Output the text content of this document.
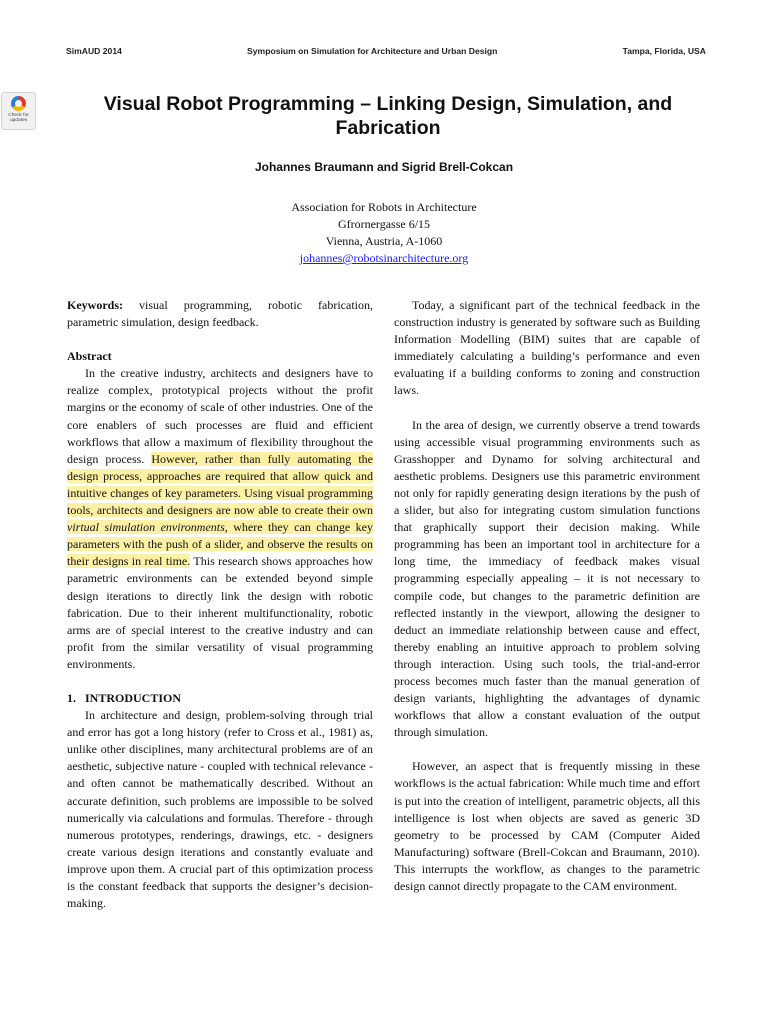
SimAUD 2014	Symposium on Simulation for Architecture and Urban Design	Tampa, Florida, USA
Check for updates
Visual Robot Programming – Linking Design, Simulation, and Fabrication
Johannes Braumann and Sigrid Brell-Cokcan
Association for Robots in Architecture
Gfrornergasse 6/15
Vienna, Austria, A-1060
johannes@robotsinarchitecture.org

Keywords: visual programming, robotic fabrication, parametric simulation, design feedback.

Abstract

In the creative industry, architects and designers have to realize complex, prototypical projects without the profit margins or the economy of scale of other industries. One of the core enablers of such processes are fluid and efficient workflows that allow a maximum of flexibility throughout the design process. However, rather than fully automating the design process, approaches are required that allow quick and intuitive changes of key parameters. Using visual programming tools, architects and designers are now able to create their own virtual simulation environments, where they can change key parameters with the push of a slider, and observe the results on their designs in real time. This research shows approaches how parametric environments can be extended beyond simple design iterations to directly link the design with robotic fabrication. Due to their inherent multifunctionality, robotic arms are of special interest to the creative industry and can profit from the similar versatility of visual programming environments.

1.   INTRODUCTION

In architecture and design, problem-solving through trial and error has got a long history (refer to Cross et al., 1981) as, unlike other disciplines, many architectural problems are of an aesthetic, subjective nature - coupled with technical relevance - and often cannot be mathematically described. Without an accurate definition, such problems are impossible to be solved numerically via calculations and formulas. Therefore - through numerous prototypes, renderings, drawings, etc. - designers create various design iterations and constantly evaluate and improve upon them. A crucial part of this optimization process is the constant feedback that supports the designer’s decision-making.

Today, a significant part of the technical feedback in the construction industry is generated by software such as Building Information Modelling (BIM) suites that are capable of immediately calculating a building’s performance and even evaluating if a building conforms to zoning and construction laws.

In the area of design, we currently observe a trend towards using accessible visual programming environments such as Grasshopper and Dynamo for solving architectural and aesthetic problems. Designers use this parametric environment not only for rapidly generating design iterations by the push of a slider, but also for integrating custom simulation functions that graphically support their decision making. While programming has been an important tool in architecture for a long time, the immediacy of feedback makes visual programming especially appealing – it is not necessary to compile code, but changes to the parametric definition are reflected instantly in the viewport, allowing the designer to deduct an immediate relationship between cause and effect, thereby enabling an intuitive approach to problem solving through interaction. Using such tools, the trial-and-error process becomes much faster than the manual generation of design variants, highlighting the advantages of dynamic workflows that allow a constant evaluation of the output through simulation.

However, an aspect that is frequently missing in these workflows is the actual fabrication: While much time and effort is put into the creation of intelligent, parametric objects, all this intelligence is lost when objects are saved as generic 3D geometry to be processed by CAM (Computer Aided Manufacturing) software (Brell-Cokcan and Braumann, 2010). This interrupts the workflow, as changes to the parametric design cannot directly propagate to the CAM environment.
